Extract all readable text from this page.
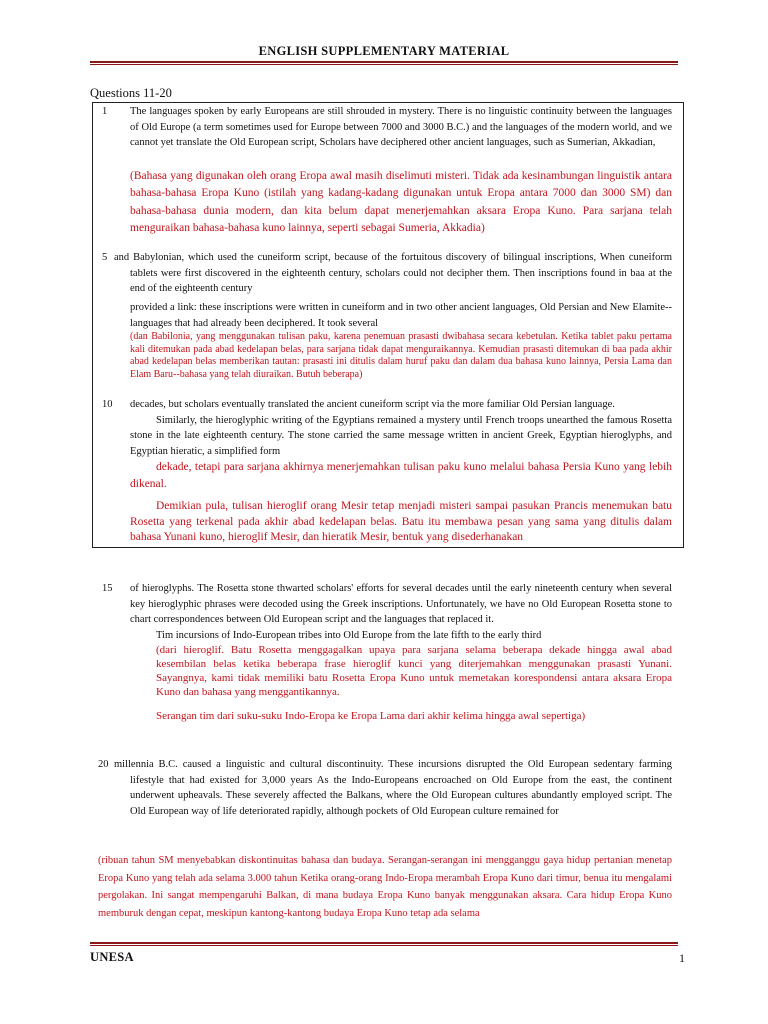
ENGLISH SUPPLEMENTARY MATERIAL
Questions 11-20
1	The languages spoken by early Europeans are still shrouded in mystery. There is no linguistic continuity between the languages of Old Europe (a term sometimes used for Europe between 7000 and 3000 B.C.) and the languages of the modern world, and we cannot yet translate the Old European script, Scholars have deciphered other ancient languages, such as Sumerian, Akkadian,
(Bahasa yang digunakan oleh orang Eropa awal masih diselimuti misteri. Tidak ada kesinambungan linguistik antara bahasa-bahasa Eropa Kuno (istilah yang kadang-kadang digunakan untuk Eropa antara 7000 dan 3000 SM) dan bahasa-bahasa dunia modern, dan kita belum dapat menerjemahkan aksara Eropa Kuno. Para sarjana telah menguraikan bahasa-bahasa kuno lainnya, seperti sebagai Sumeria, Akkadia)
5 and Babylonian, which used the cuneiform script, because of the fortuitous discovery of bilingual inscriptions, When cuneiform tablets were first discovered in the eighteenth century, scholars could not decipher them. Then inscriptions found in baa at the end of the eighteenth century
provided a link: these inscriptions were written in cuneiform and in two other ancient languages, Old Persian and New Elamite--languages that had already been deciphered. It took several
(dan Babilonia, yang menggunakan tulisan paku, karena penemuan prasasti dwibahasa secara kebetulan. Ketika tablet paku pertama kali ditemukan pada abad kedelapan belas, para sarjana tidak dapat menguraikannya. Kemudian prasasti ditemukan di baa pada akhir abad kedelapan belas memberikan tautan: prasasti ini ditulis dalam huruf paku dan dalam dua bahasa kuno lainnya, Persia Lama dan Elam Baru--bahasa yang telah diuraikan. Butuh beberapa)
10	decades, but scholars eventually translated the ancient cuneiform script via the more familiar Old Persian language.
Similarly, the hieroglyphic writing of the Egyptians remained a mystery until French troops unearthed the famous Rosetta stone in the late eighteenth century. The stone carried the same message written in ancient Greek, Egyptian hieroglyphs, and Egyptian hieratic, a simplified form
dekade, tetapi para sarjana akhirnya menerjemahkan tulisan paku kuno melalui bahasa Persia Kuno yang lebih dikenal.
Demikian pula, tulisan hieroglif orang Mesir tetap menjadi misteri sampai pasukan Prancis menemukan batu Rosetta yang terkenal pada akhir abad kedelapan belas. Batu itu membawa pesan yang sama yang ditulis dalam bahasa Yunani kuno, hieroglif Mesir, dan hieratik Mesir, bentuk yang disederhanakan
15	of hieroglyphs. The Rosetta stone thwarted scholars' efforts for several decades until the early nineteenth century when several key hieroglyphic phrases were decoded using the Greek inscriptions. Unfortunately, we have no Old European Rosetta stone to chart correspondences between Old European script and the languages that replaced it.
Tim incursions of Indo-European tribes into Old Europe from the late fifth to the early third
(dari hieroglif. Batu Rosetta menggagalkan upaya para sarjana selama beberapa dekade hingga awal abad kesembilan belas ketika beberapa frase hieroglif kunci yang diterjemahkan menggunakan prasasti Yunani. Sayangnya, kami tidak memiliki batu Rosetta Eropa Kuno untuk memetakan korespondensi antara aksara Eropa Kuno dan bahasa yang menggantikannya.
Serangan tim dari suku-suku Indo-Eropa ke Eropa Lama dari akhir kelima hingga awal sepertiga)
20 millennia B.C. caused a linguistic and cultural discontinuity. These incursions disrupted the Old European sedentary farming lifestyle that had existed for 3,000 years As the Indo-Europeans encroached on Old Europe from the east, the continent underwent upheavals. These severely affected the Balkans, where the Old European cultures abundantly employed script. The Old European way of life deteriorated rapidly, although pockets of Old European culture remained for
(ribuan tahun SM menyebabkan diskontinuitas bahasa dan budaya. Serangan-serangan ini mengganggu gaya hidup pertanian menetap Eropa Kuno yang telah ada selama 3.000 tahun Ketika orang-orang Indo-Eropa merambah Eropa Kuno dari timur, benua itu mengalami pergolakan. Ini sangat mempengaruhi Balkan, di mana budaya Eropa Kuno banyak menggunakan aksara. Cara hidup Eropa Kuno memburuk dengan cepat, meskipun kantong-kantong budaya Eropa Kuno tetap ada selama
UNESA	1
